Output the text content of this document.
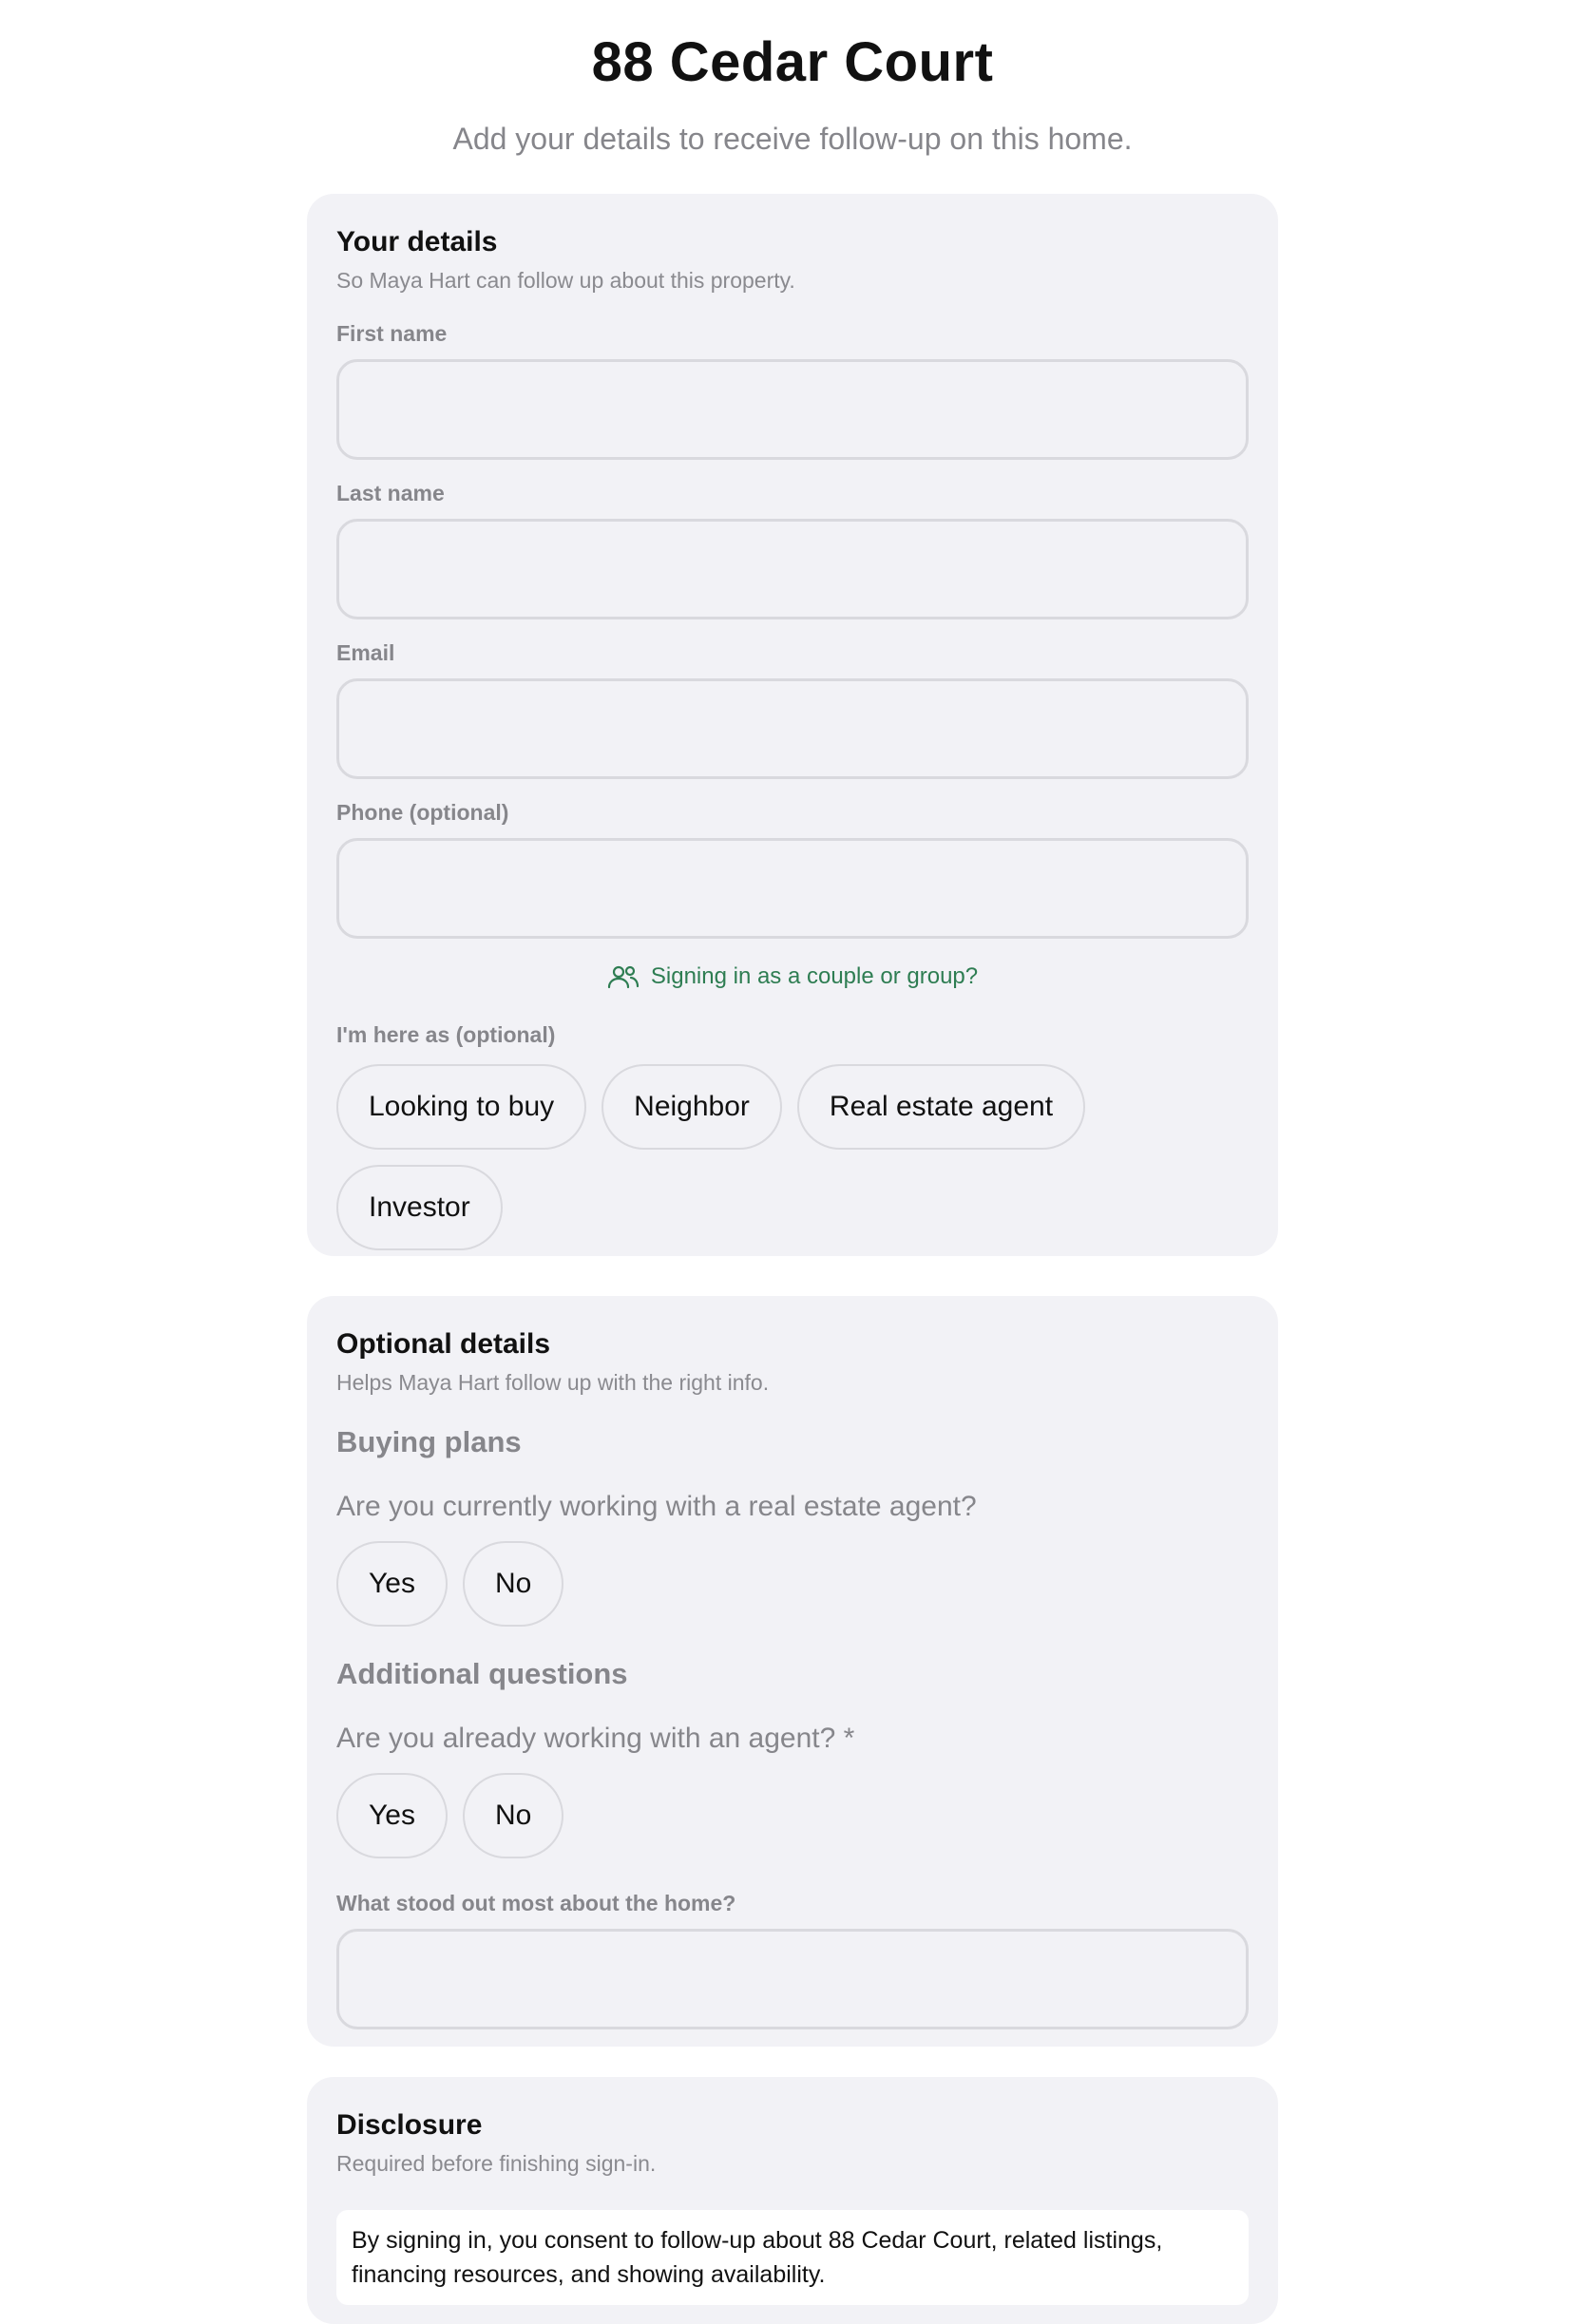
88 Cedar Court
Add your details to receive follow-up on this home.
Your details
So Maya Hart can follow up about this property.
First name
Last name
Email
Phone (optional)
Signing in as a couple or group?
I'm here as (optional)
Looking to buy	Neighbor	Real estate agent
Investor
Optional details
Helps Maya Hart follow up with the right info.
Buying plans
Are you currently working with a real estate agent?
Yes	No
Additional questions
Are you already working with an agent? *
Yes	No
What stood out most about the home?
Disclosure
Required before finishing sign-in.
By signing in, you consent to follow-up about 88 Cedar Court, related listings, financing resources, and showing availability.
